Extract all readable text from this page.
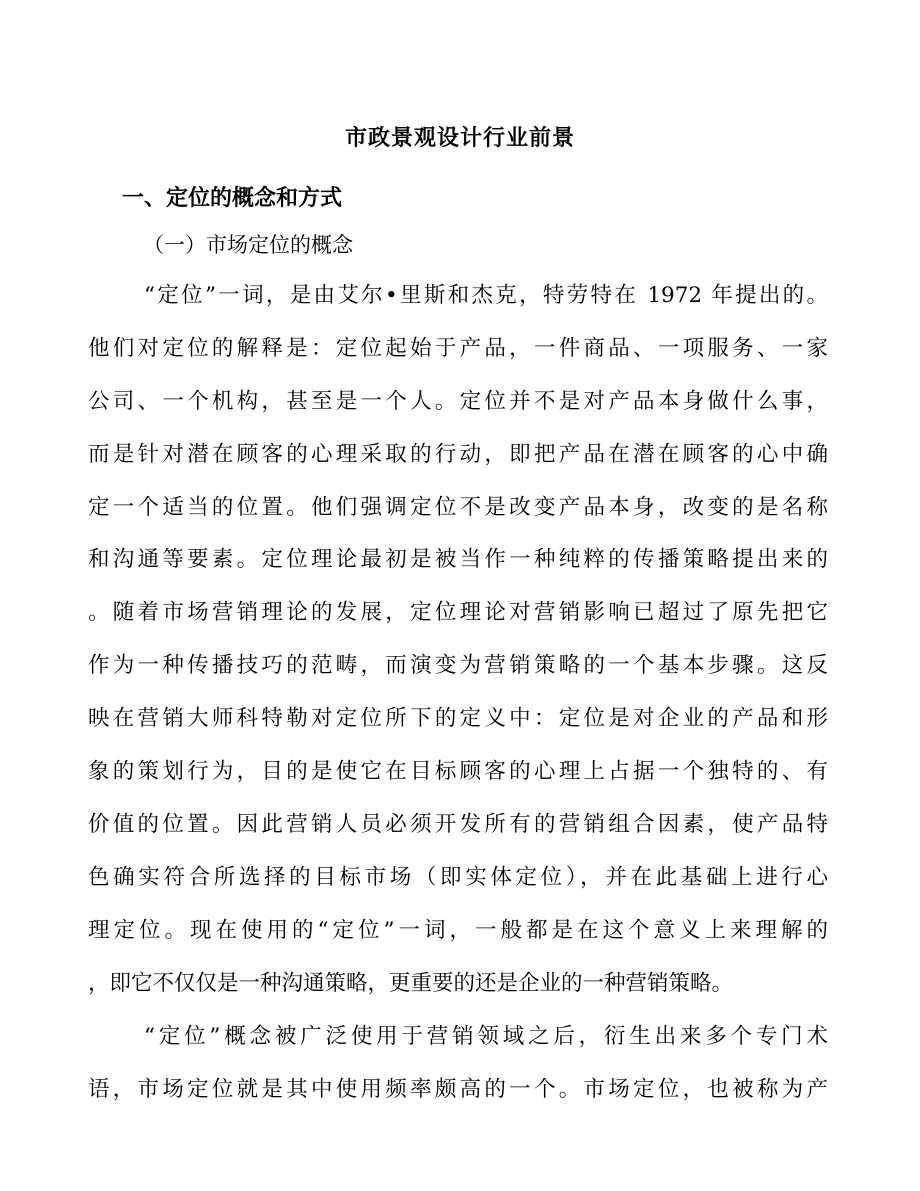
市政景观设计行业前景
一、定位的概念和方式
（一）市场定位的概念
“定位”一词，是由艾尔•里斯和杰克，特劳特在 1972 年提出的。
他们对定位的解释是：定位起始于产品，一件商品、一项服务、一家
公司、一个机构，甚至是一个人。定位并不是对产品本身做什么事，
而是针对潜在顾客的心理采取的行动，即把产品在潜在顾客的心中确
定一个适当的位置。他们强调定位不是改变产品本身，改变的是名称
和沟通等要素。定位理论最初是被当作一种纯粹的传播策略提出来的
。随着市场营销理论的发展，定位理论对营销影响已超过了原先把它
作为一种传播技巧的范畴，而演变为营销策略的一个基本步骤。这反
映在营销大师科特勒对定位所下的定义中：定位是对企业的产品和形
象的策划行为，目的是使它在目标顾客的心理上占据一个独特的、有
价值的位置。因此营销人员必须开发所有的营销组合因素，使产品特
色确实符合所选择的目标市场（即实体定位），并在此基础上进行心
理定位。现在使用的“定位”一词，一般都是在这个意义上来理解的
，即它不仅仅是一种沟通策略，更重要的还是企业的一种营销策略。
“定位”概念被广泛使用于营销领域之后，衍生出来多个专门术
语，市场定位就是其中使用频率颇高的一个。市场定位，也被称为产
